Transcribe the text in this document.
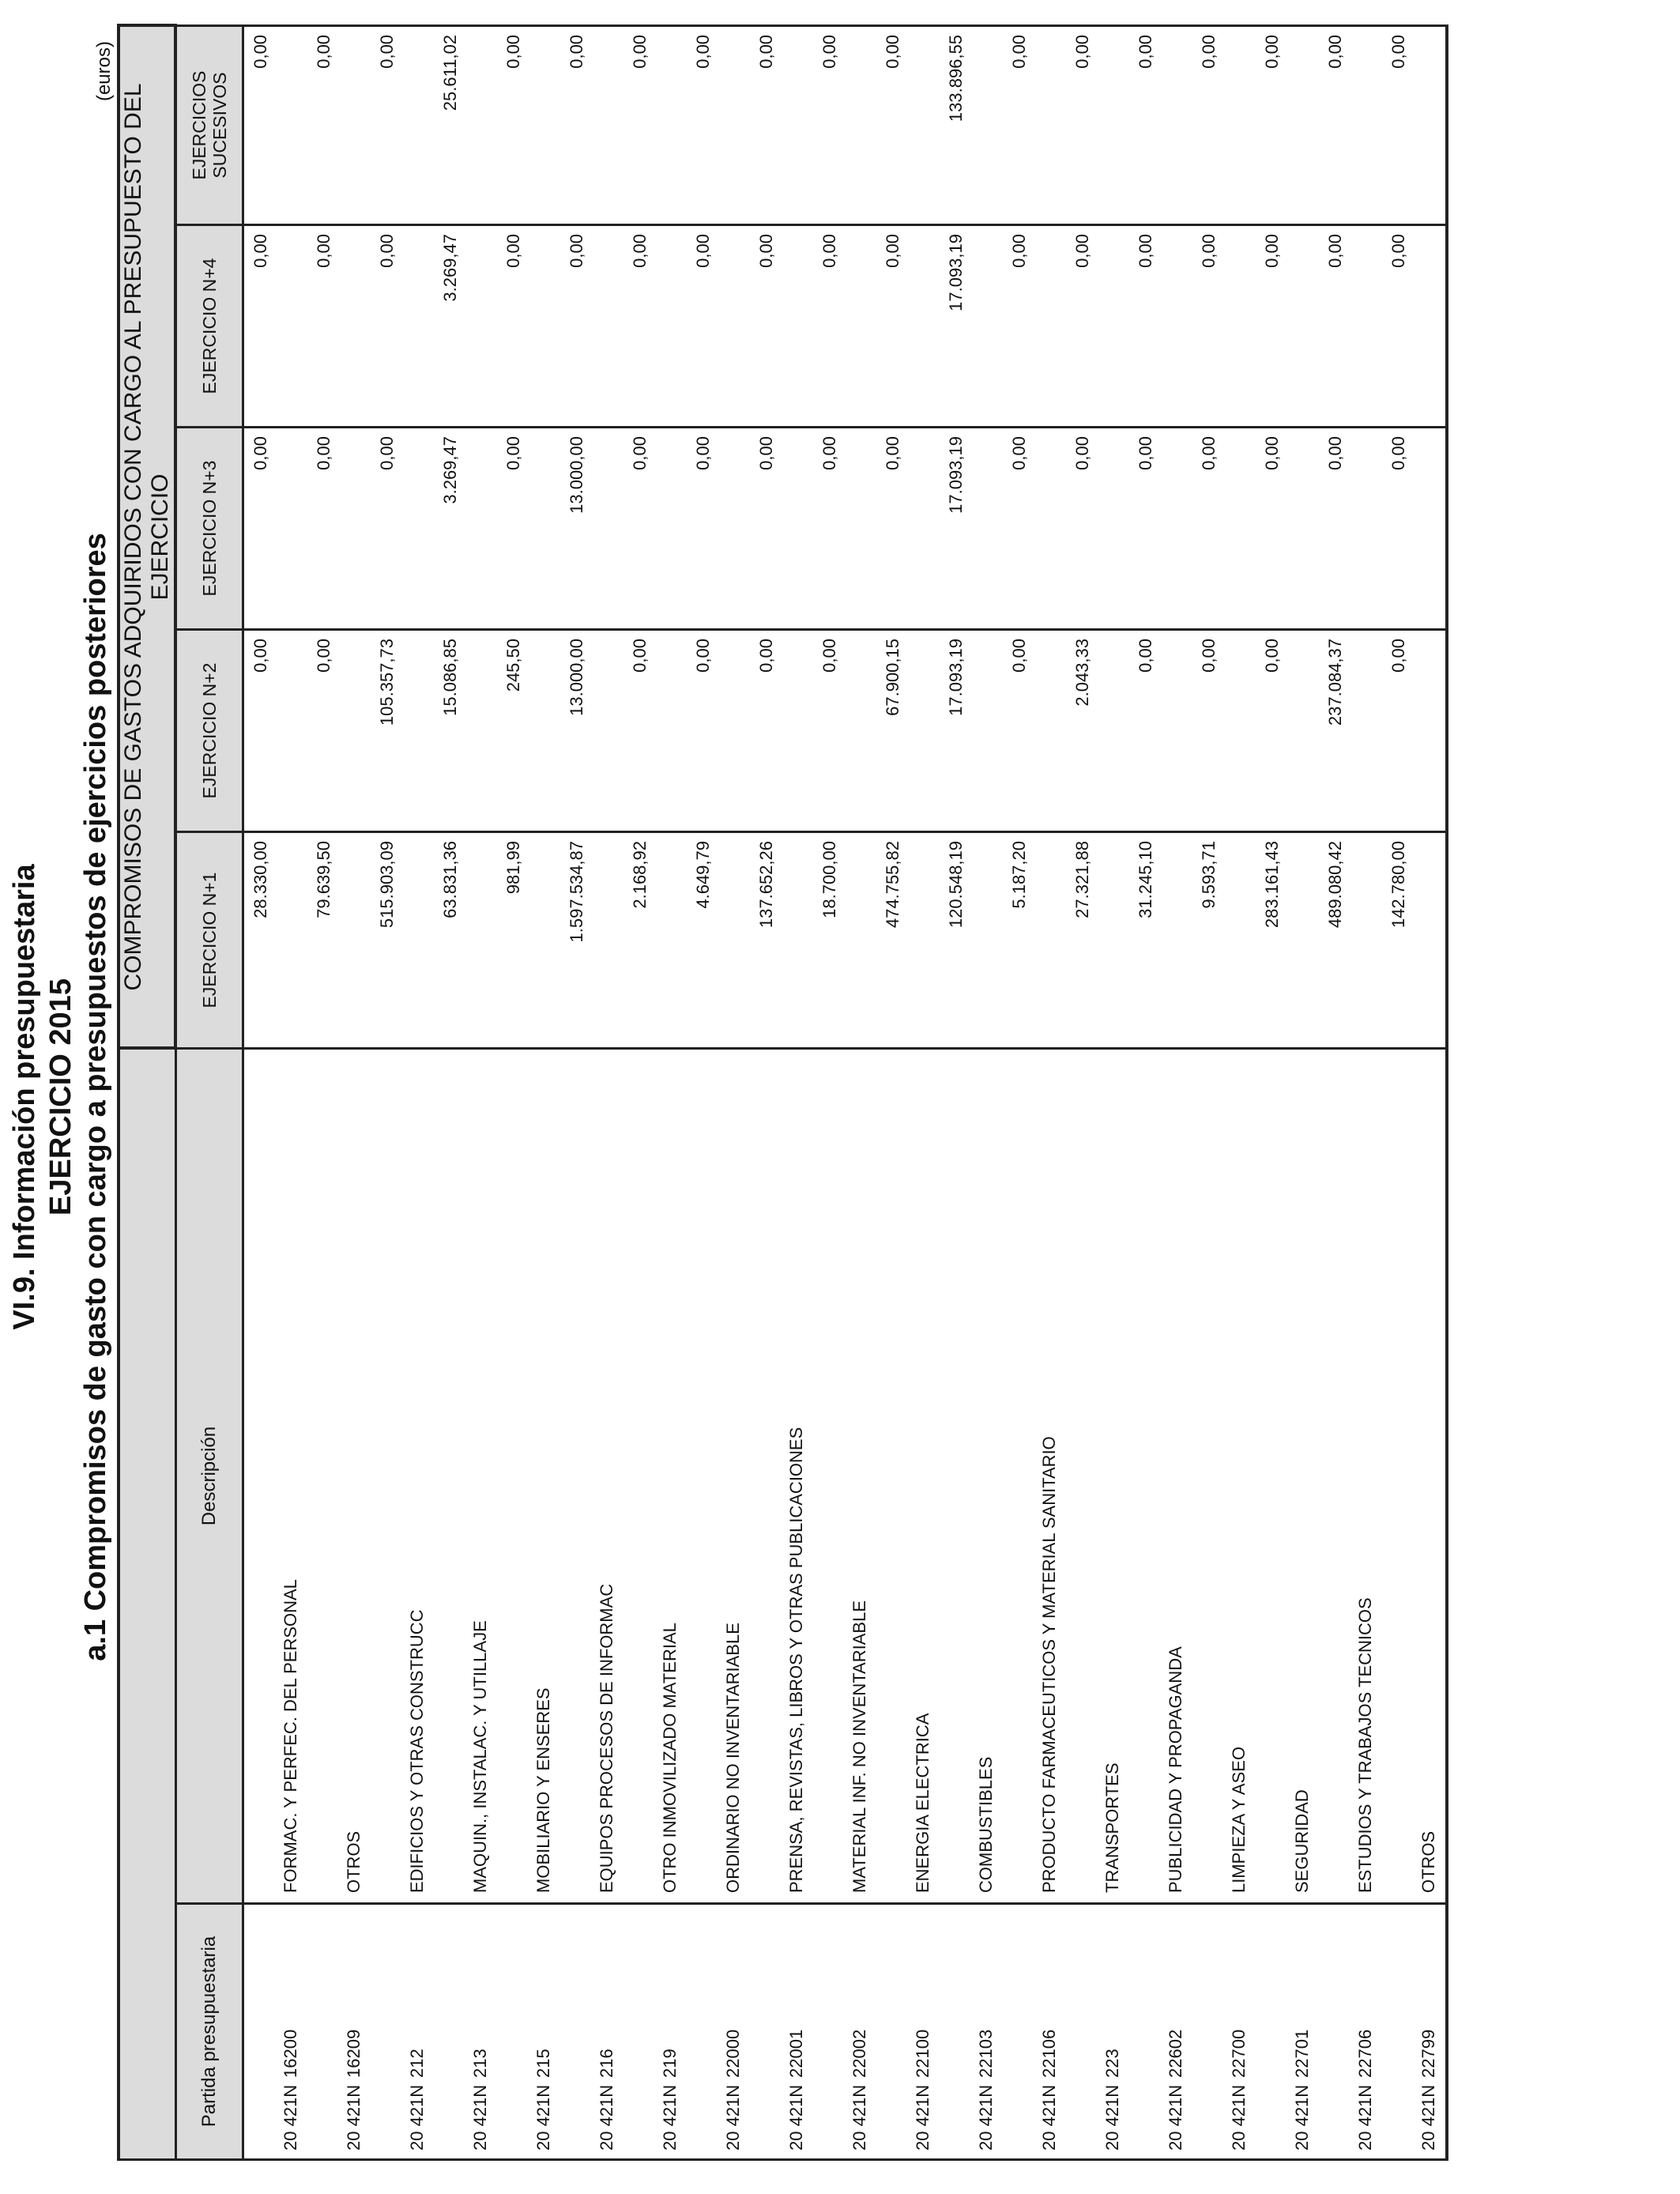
VI.9. Información presupuestaria EJERCICIO 2015 a.1 Compromisos de gasto con cargo a presupuestos de ejercicios posteriores
(euros)
		COMPROMISOS DE GASTOS ADQUIRIDOS CON CARGO AL PRESUPUESTO DEL EJERCICIO				
Partida presupuestaria	Descripción	EJERCICIO N+1	EJERCICIO N+2	EJERCICIO N+3	EJERCICIO N+4	EJERCICIOS SUCESIVOS
20 421N16200	FORMAC. Y PERFEC. DEL PERSONAL	28.330,00	0,00	0,00	0,00	0,00
20 421N16209	OTROS	79.639,50	0,00	0,00	0,00	0,00
20 421N212	EDIFICIOS Y OTRAS CONSTRUCC	515.903,09	105.357,73	0,00	0,00	0,00
20 421N213	MAQUIN., INSTALAC. Y UTILLAJE	63.831,36	15.086,85	3.269,47	3.269,47	25.611,02
20 421N215	MOBILIARIO Y ENSERES	981,99	245,50	0,00	0,00	0,00
20 421N216	EQUIPOS PROCESOS DE INFORMAC	1.597.534,87	13.000,00	13.000,00	0,00	0,00
20 421N219	OTRO INMOVILIZADO MATERIAL	2.168,92	0,00	0,00	0,00	0,00
20 421N22000	ORDINARIO NO INVENTARIABLE	4.649,79	0,00	0,00	0,00	0,00
20 421N22001	PRENSA, REVISTAS, LIBROS Y OTRAS PUBLICACIONES	137.652,26	0,00	0,00	0,00	0,00
20 421N22002	MATERIAL INF. NO INVENTARIABLE	18.700,00	0,00	0,00	0,00	0,00
20 421N22100	ENERGIA ELECTRICA	474.755,82	67.900,15	0,00	0,00	0,00
20 421N22103	COMBUSTIBLES	120.548,19	17.093,19	17.093,19	17.093,19	133.896,55
20 421N22106	PRODUCTO FARMACEUTICOS Y MATERIAL SANITARIO	5.187,20	0,00	0,00	0,00	0,00
20 421N223	TRANSPORTES	27.321,88	2.043,33	0,00	0,00	0,00
20 421N22602	PUBLICIDAD Y PROPAGANDA	31.245,10	0,00	0,00	0,00	0,00
20 421N22700	LIMPIEZA Y ASEO	9.593,71	0,00	0,00	0,00	0,00
20 421N22701	SEGURIDAD	283.161,43	0,00	0,00	0,00	0,00
20 421N22706	ESTUDIOS Y TRABAJOS TECNICOS	489.080,42	237.084,37	0,00	0,00	0,00
20 421N22799	OTROS	142.780,00	0,00	0,00	0,00	0,00
